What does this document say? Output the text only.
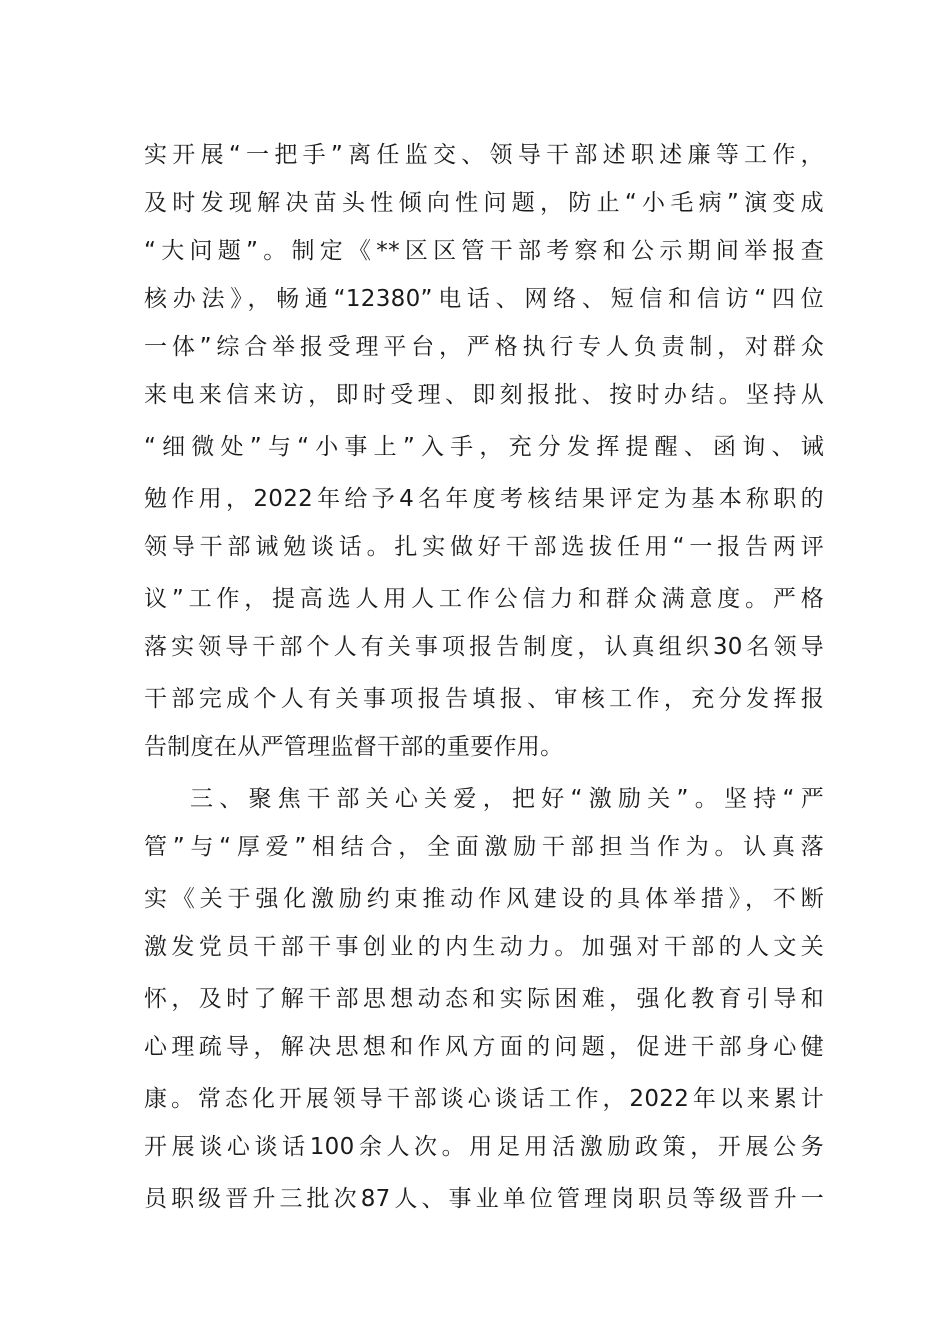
实开展“一把手”离任监交、领导干部述职述廉等工作，
及时发现解决苗头性倾向性问题，防止“小毛病”演变成
“大问题”。制定《**区区管干部考察和公示期间举报查
核办法》，畅通“12380”电话、网络、短信和信访“四位
一体”综合举报受理平台，严格执行专人负责制，对群众
来电来信来访，即时受理、即刻报批、按时办结。坚持从
“细微处”与“小事上”入手，充分发挥提醒、函询、诫
勉作用，2022年给予4名年度考核结果评定为基本称职的
领导干部诫勉谈话。扎实做好干部选拔任用“一报告两评
议”工作，提高选人用人工作公信力和群众满意度。严格
落实领导干部个人有关事项报告制度，认真组织30名领导
干部完成个人有关事项报告填报、审核工作，充分发挥报
告制度在从严管理监督干部的重要作用。
三、聚焦干部关心关爱，把好“激励关”。坚持“严
管”与“厚爱”相结合，全面激励干部担当作为。认真落
实《关于强化激励约束推动作风建设的具体举措》，不断
激发党员干部干事创业的内生动力。加强对干部的人文关
怀，及时了解干部思想动态和实际困难，强化教育引导和
心理疏导，解决思想和作风方面的问题，促进干部身心健
康。常态化开展领导干部谈心谈话工作，2022年以来累计
开展谈心谈话100余人次。用足用活激励政策，开展公务
员职级晋升三批次87人、事业单位管理岗职员等级晋升一
